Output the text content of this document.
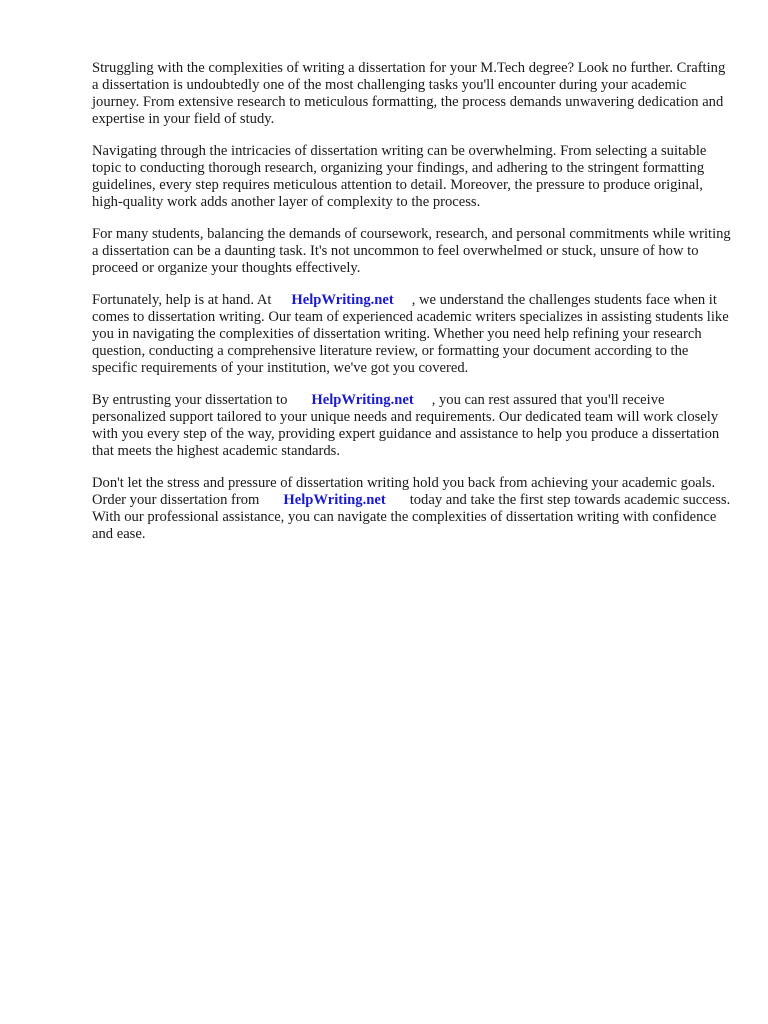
Struggling with the complexities of writing a dissertation for your M.Tech degree? Look no further. Crafting a dissertation is undoubtedly one of the most challenging tasks you'll encounter during your academic journey. From extensive research to meticulous formatting, the process demands unwavering dedication and expertise in your field of study.

Navigating through the intricacies of dissertation writing can be overwhelming. From selecting a suitable topic to conducting thorough research, organizing your findings, and adhering to the stringent formatting guidelines, every step requires meticulous attention to detail. Moreover, the pressure to produce original, high-quality work adds another layer of complexity to the process.

For many students, balancing the demands of coursework, research, and personal commitments while writing a dissertation can be a daunting task. It's not uncommon to feel overwhelmed or stuck, unsure of how to proceed or organize your thoughts effectively.

Fortunately, help is at hand. At HelpWriting.net , we understand the challenges students face when it comes to dissertation writing. Our team of experienced academic writers specializes in assisting students like you in navigating the complexities of dissertation writing. Whether you need help refining your research question, conducting a comprehensive literature review, or formatting your document according to the specific requirements of your institution, we've got you covered.

By entrusting your dissertation to HelpWriting.net , you can rest assured that you'll receive personalized support tailored to your unique needs and requirements. Our dedicated team will work closely with you every step of the way, providing expert guidance and assistance to help you produce a dissertation that meets the highest academic standards.

Don't let the stress and pressure of dissertation writing hold you back from achieving your academic goals. Order your dissertation from HelpWriting.net today and take the first step towards academic success. With our professional assistance, you can navigate the complexities of dissertation writing with confidence and ease.
